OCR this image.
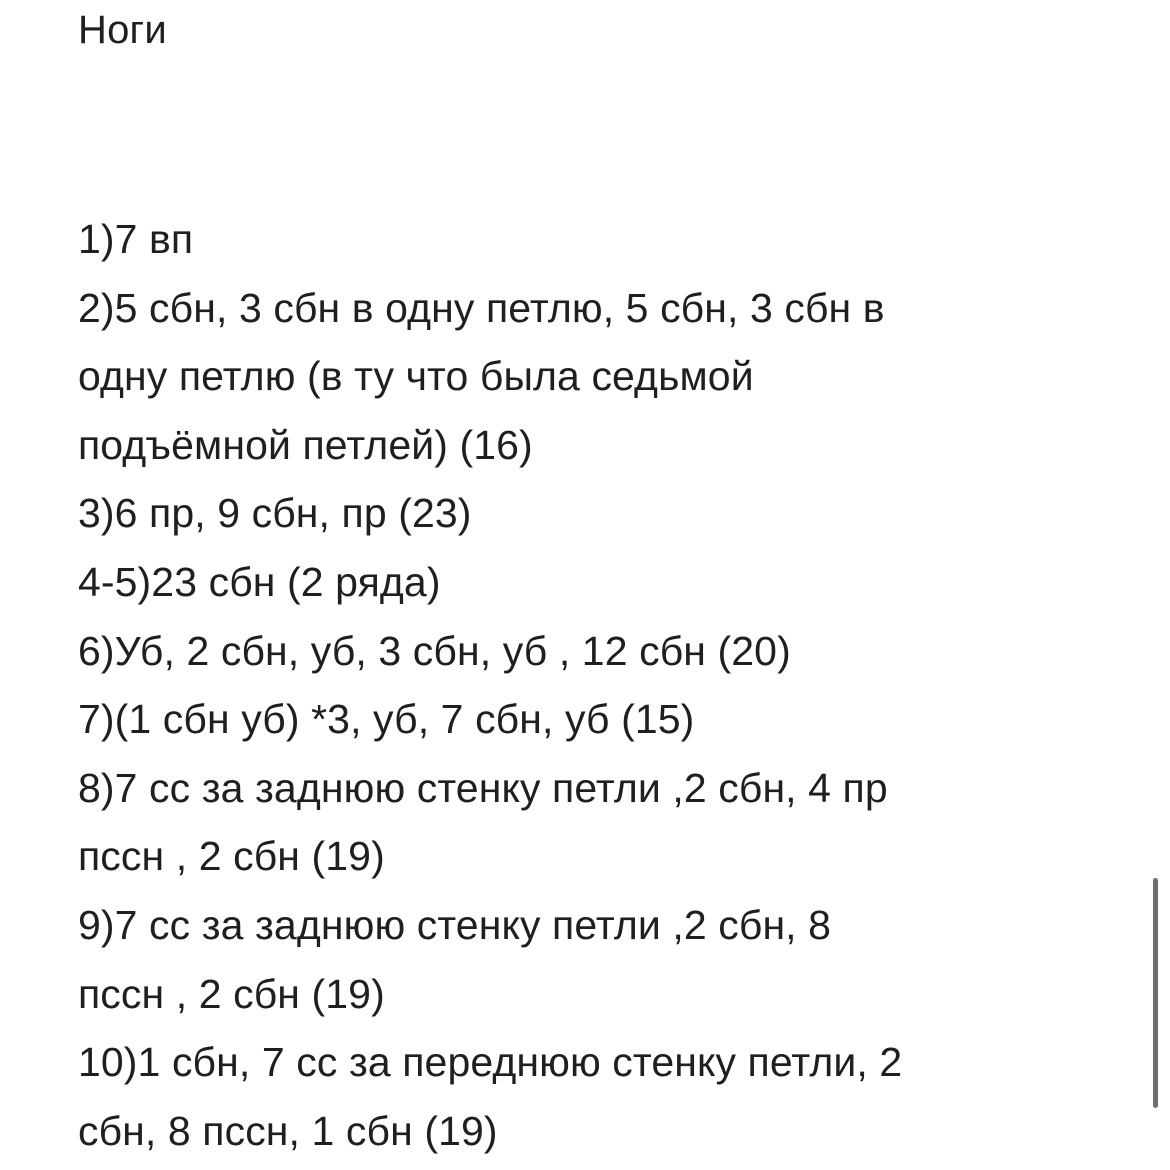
Ноги
1)7 вп
2)5 сбн, 3 сбн в одну петлю, 5 сбн, 3 сбн в
одну петлю (в ту что была седьмой
подъёмной петлей) (16)
3)6 пр, 9 сбн, пр (23)
4-5)23 сбн (2 ряда)
6)Уб, 2 сбн, уб, 3 сбн, уб , 12 сбн (20)
7)(1 сбн уб) *3, уб, 7 сбн, уб (15)
8)7 сс за заднюю стенку петли ,2 сбн, 4 пр
пссн , 2 сбн (19)
9)7 сс за заднюю стенку петли ,2 сбн, 8
пссн , 2 сбн (19)
10)1 сбн, 7 сс за переднюю стенку петли, 2
сбн, 8 пссн, 1 сбн (19)
